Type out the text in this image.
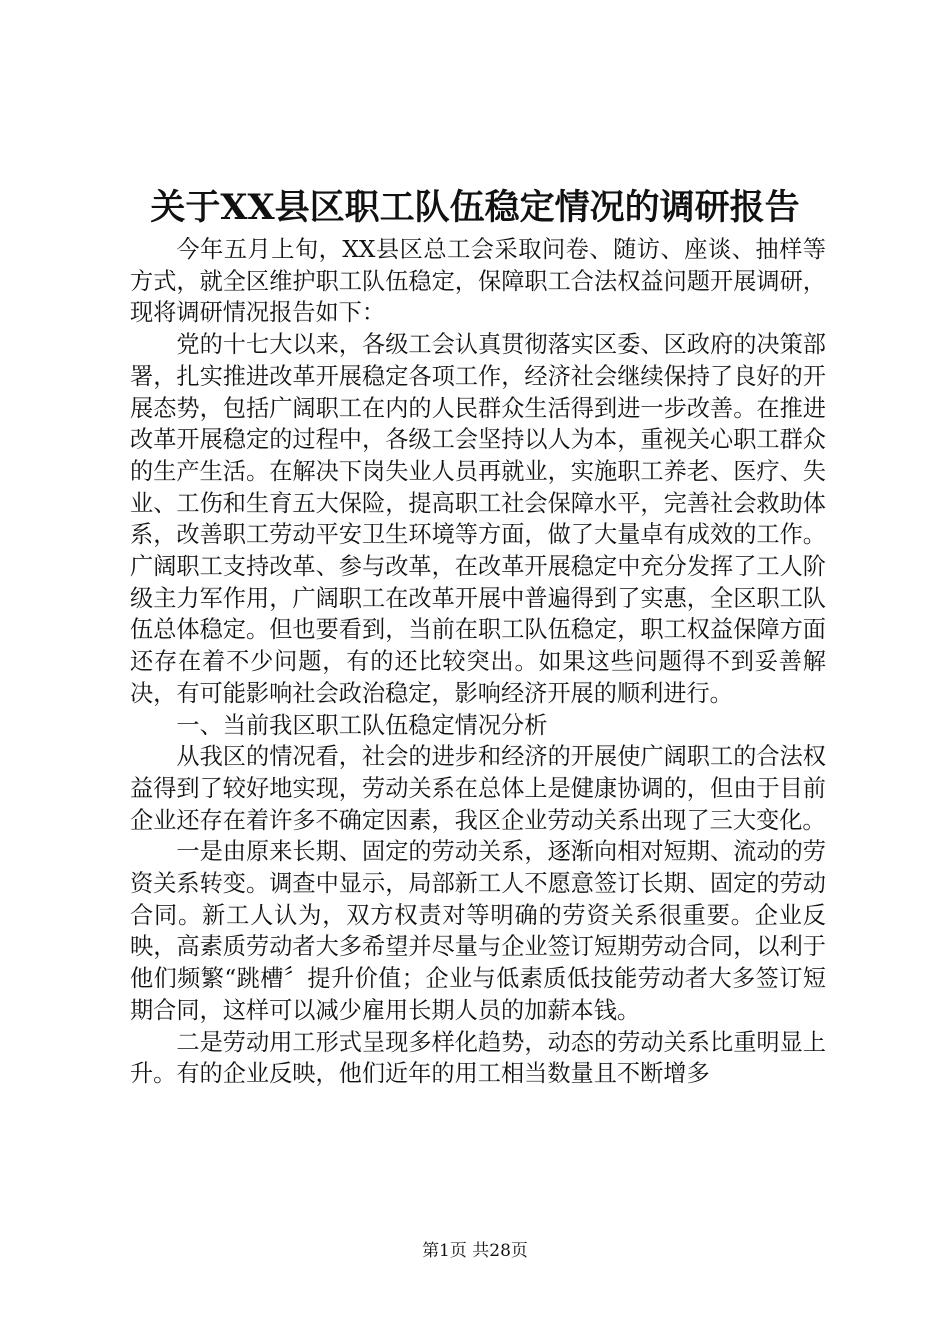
关于XX县区职工队伍稳定情况的调研报告

今年五月上旬，XX县区总工会采取问卷、随访、座谈、抽样等方式，就全区维护职工队伍稳定，保障职工合法权益问题开展调研，现将调研情况报告如下：

党的十七大以来，各级工会认真贯彻落实区委、区政府的决策部署，扎实推进改革开展稳定各项工作，经济社会继续保持了良好的开展态势，包括广阔职工在内的人民群众生活得到进一步改善。在推进改革开展稳定的过程中，各级工会坚持以人为本，重视关心职工群众的生产生活。在解决下岗失业人员再就业，实施职工养老、医疗、失业、工伤和生育五大保险，提高职工社会保障水平，完善社会救助体系，改善职工劳动平安卫生环境等方面，做了大量卓有成效的工作。广阔职工支持改革、参与改革，在改革开展稳定中充分发挥了工人阶级主力军作用，广阔职工在改革开展中普遍得到了实惠，全区职工队伍总体稳定。但也要看到，当前在职工队伍稳定，职工权益保障方面还存在着不少问题，有的还比较突出。如果这些问题得不到妥善解决，有可能影响社会政治稳定，影响经济开展的顺利进行。

一、当前我区职工队伍稳定情况分析

从我区的情况看，社会的进步和经济的开展使广阔职工的合法权益得到了较好地实现，劳动关系在总体上是健康协调的，但由于目前企业还存在着许多不确定因素，我区企业劳动关系出现了三大变化。

一是由原来长期、固定的劳动关系，逐渐向相对短期、流动的劳资关系转变。调查中显示，局部新工人不愿意签订长期、固定的劳动合同。新工人认为，双方权责对等明确的劳资关系很重要。企业反映，高素质劳动者大多希望并尽量与企业签订短期劳动合同，以利于他们频繁“跳槽〞提升价值；企业与低素质低技能劳动者大多签订短期合同，这样可以减少雇用长期人员的加薪本钱。

二是劳动用工形式呈现多样化趋势，动态的劳动关系比重明显上升。有的企业反映，他们近年的用工相当数量且不断增多

第1页 共28页
